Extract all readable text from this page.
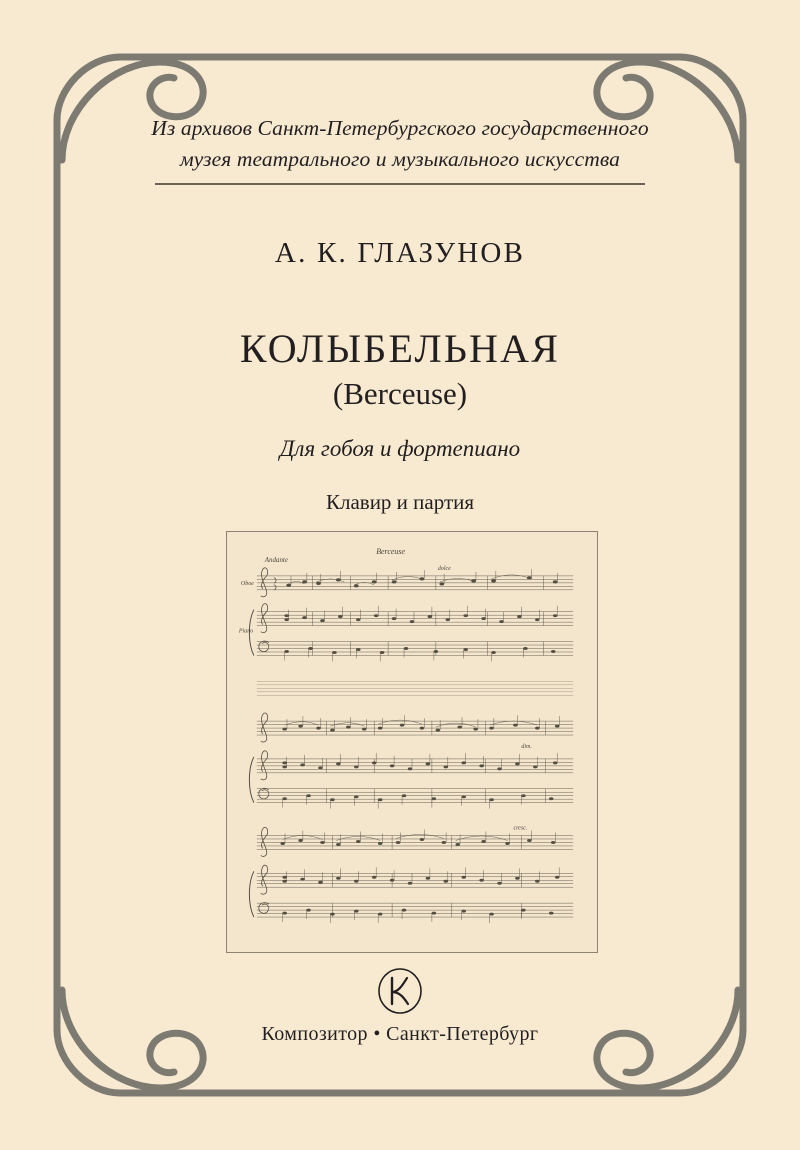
Из архивов Санкт-Петербургского государственного

музея театрального и музыкального искусства

А. К. ГЛАЗУНОВ
КОЛЫБЕЛЬНАЯ
(Berceuse)
Для гобоя и фортепиано
Клавир и партия
Andante
Berceuse
Oboe
Piano
dolce
dim.
cresc.
Композитор • Санкт-Петербург
